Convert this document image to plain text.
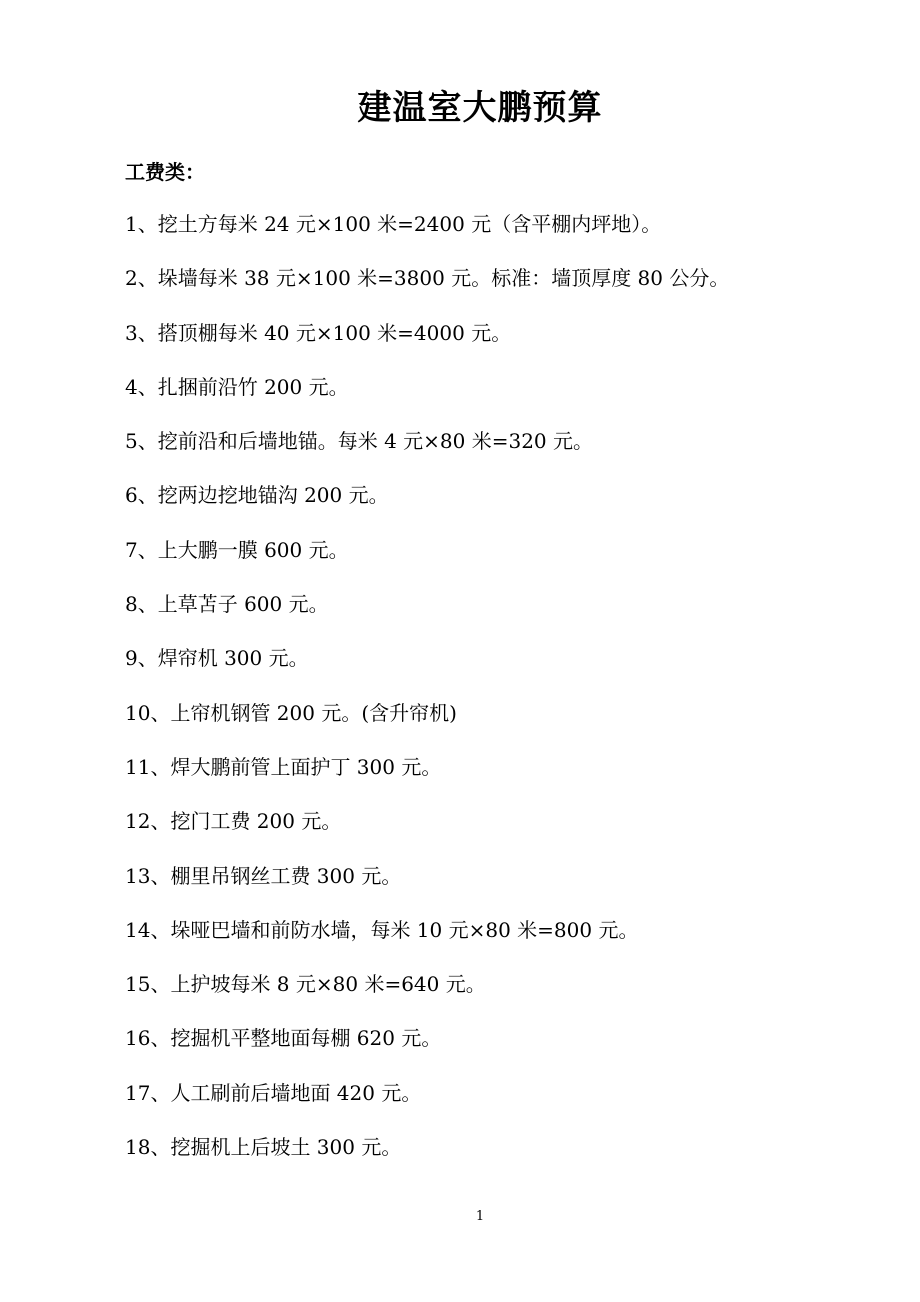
建温室大鹏预算
工费类：
1、挖土方每米 24 元×100 米=2400 元（含平棚内坪地）。
2、垛墙每米 38 元×100 米=3800 元。标准：墙顶厚度 80 公分。
3、搭顶棚每米 40 元×100 米=4000 元。
4、扎捆前沿竹 200 元。
5、挖前沿和后墙地锚。每米 4 元×80 米=320 元。
6、挖两边挖地锚沟 200 元。
7、上大鹏一膜 600 元。
8、上草苫子 600 元。
9、焊帘机 300 元。
10、上帘机钢管 200 元。(含升帘机)
11、焊大鹏前管上面护丁 300 元。
12、挖门工费 200 元。
13、棚里吊钢丝工费 300 元。
14、垛哑巴墙和前防水墙，每米 10 元×80 米=800 元。
15、上护坡每米 8 元×80 米=640 元。
16、挖掘机平整地面每棚 620 元。
17、人工刷前后墙地面 420 元。
18、挖掘机上后坡土 300 元。
1
